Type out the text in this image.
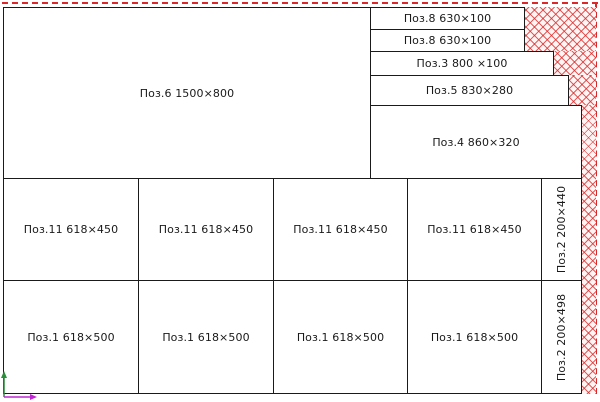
Поз.6 1500×800
Поз.8 630×100
Поз.8 630×100
Поз.3 800 ×100
Поз.5 830×280
Поз.4 860×320
Поз.11 618×450	Поз.11 618×450	Поз.11 618×450	Поз.11 618×450
Поз.1 618×500	Поз.1 618×500	Поз.1 618×500	Поз.1 618×500
Поз.2 200×440
Поз.2 200×498
